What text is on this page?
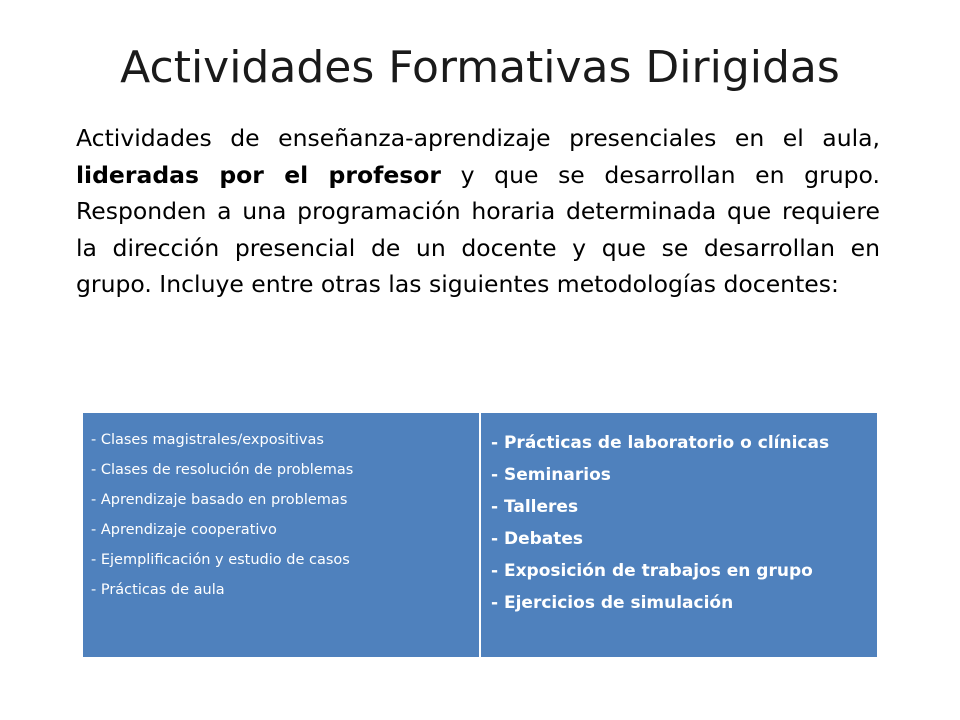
Actividades Formativas Dirigidas
Actividades de enseñanza-aprendizaje presenciales en el aula, lideradas por el profesor y que se desarrollan en grupo. Responden a una programación horaria determinada que requiere la dirección presencial de un docente y que se desarrollan en grupo. Incluye entre otras las siguientes metodologías docentes:
- Clases magistrales/expositivas
- Clases de resolución de problemas
- Aprendizaje basado en problemas
- Aprendizaje cooperativo
- Ejemplificación y estudio de casos
- Prácticas de aula
- Prácticas de laboratorio o clínicas
- Seminarios
- Talleres
- Debates
- Exposición de trabajos en grupo
- Ejercicios de simulación
